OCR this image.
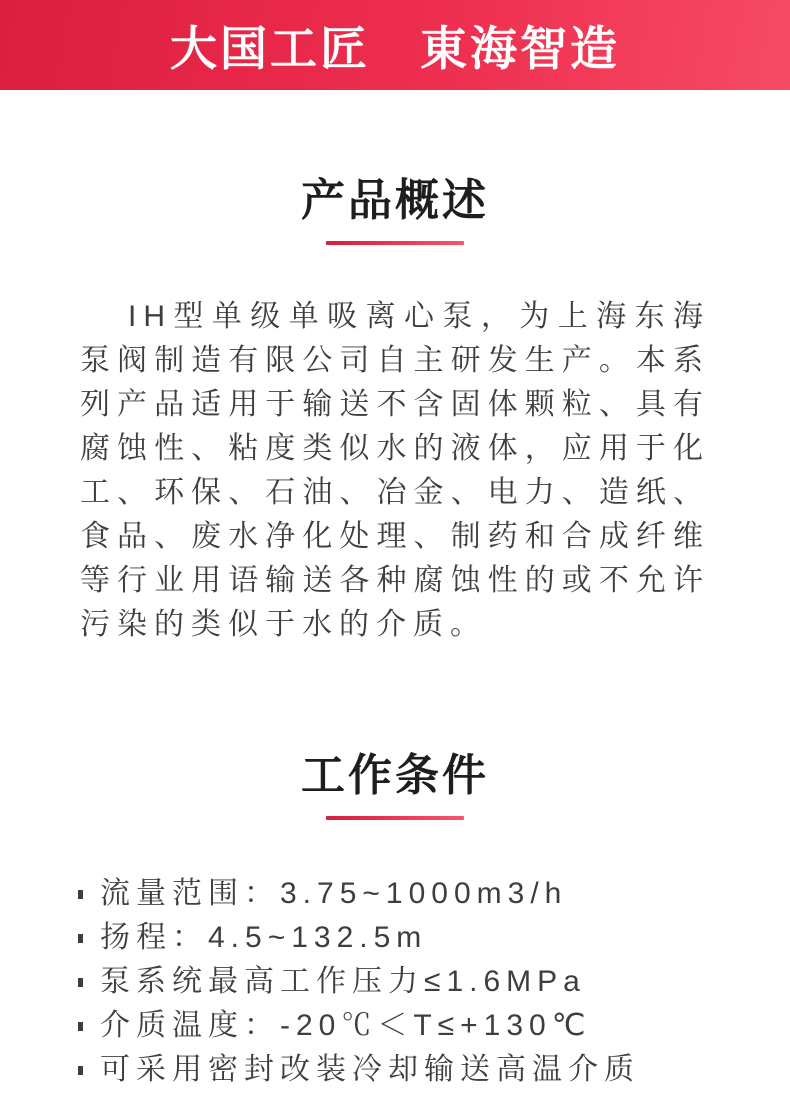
大国工匠　東海智造
产品概述
IH型单级单吸离心泵，为上海东海泵阀制造有限公司自主研发生产。本系列产品适用于输送不含固体颗粒、具有腐蚀性、粘度类似水的液体，应用于化工、环保、石油、冶金、电力、造纸、食品、废水净化处理、制药和合成纤维等行业用语输送各种腐蚀性的或不允许污染的类似于水的介质。
工作条件
流量范围：3.75~1000m3/h
扬程：4.5~132.5m
泵系统最高工作压力≤1.6MPa
介质温度：-20℃＜T≤+130℃
可采用密封改装冷却输送高温介质
